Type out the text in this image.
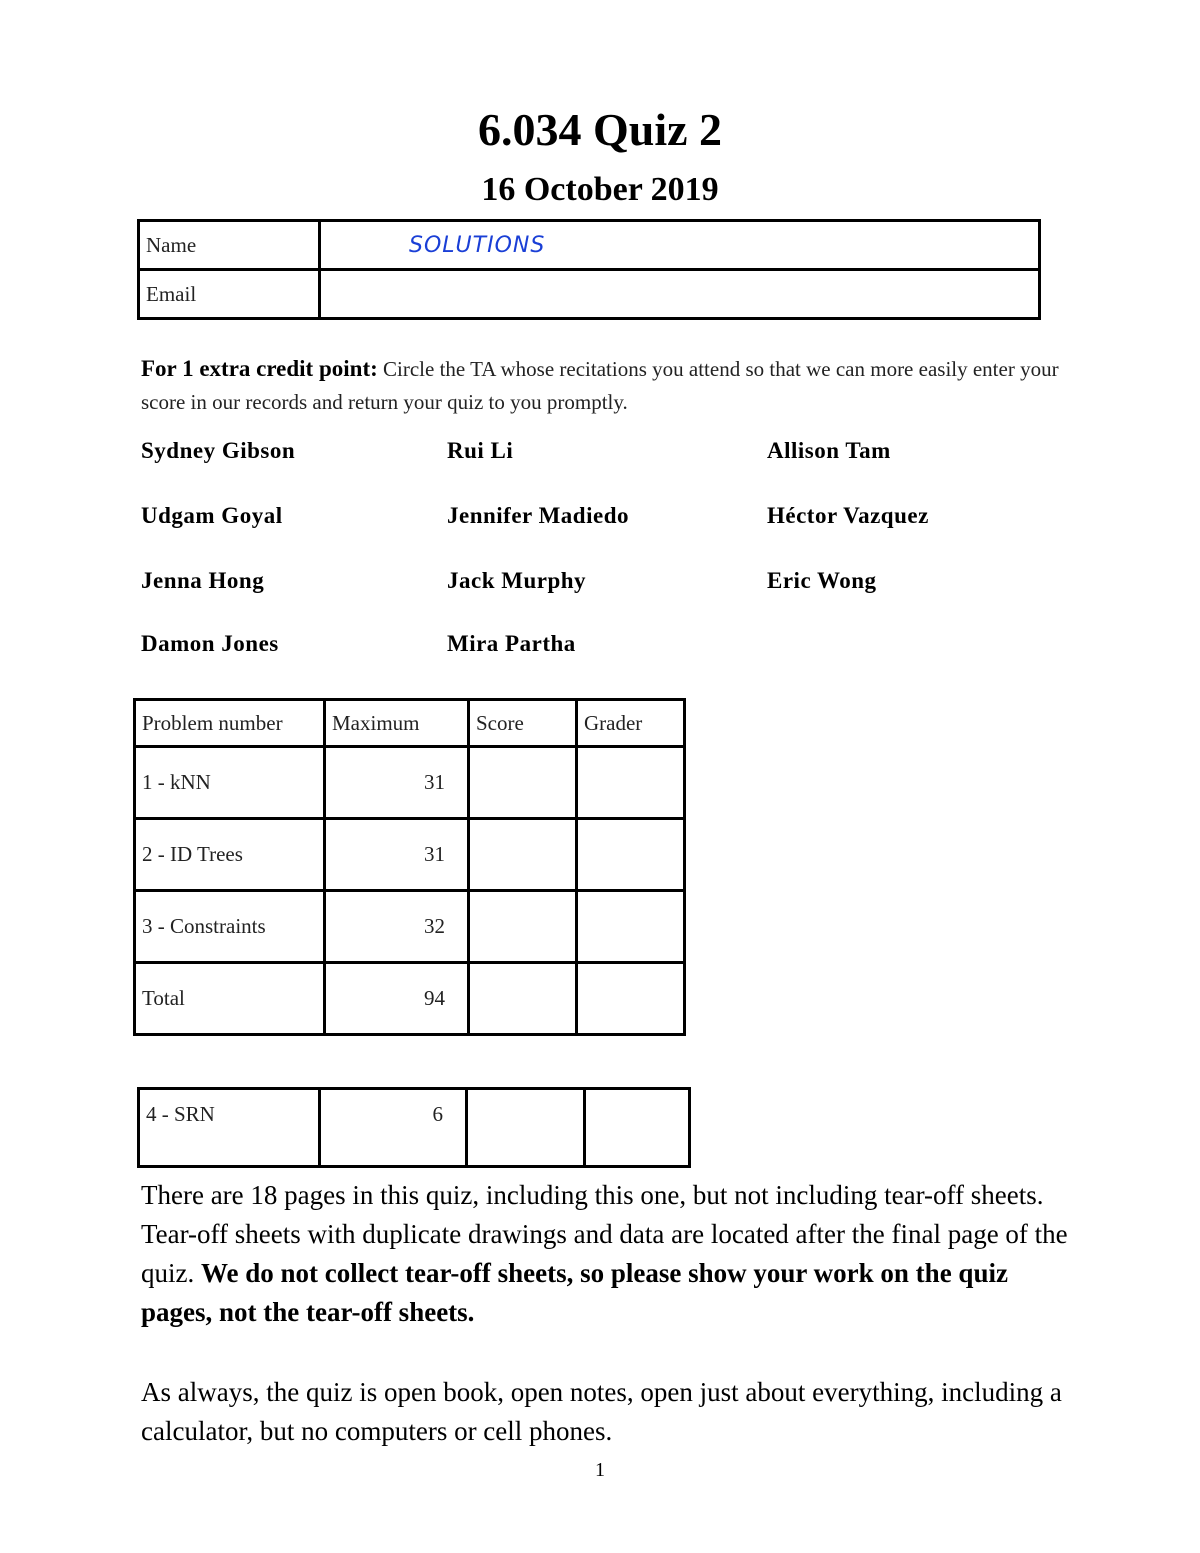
6.034 Quiz 2
16 October 2019
Name	SOLUTIONS
Email	
For 1 extra credit point: Circle the TA whose recitations you attend so that we can more easily enter your score in our records and return your quiz to you promptly.
Sydney Gibson	Rui Li	Allison Tam
Udgam Goyal	Jennifer Madiedo	Héctor Vazquez
Jenna Hong	Jack Murphy	Eric Wong
Damon Jones	Mira Partha
Problem number	Maximum	Score	Grader
1 - kNN	31		
2 - ID Trees	31		
3 - Constraints	32		
Total	94		
4 - SRN	6		
There are 18 pages in this quiz, including this one, but not including tear-off sheets. Tear-off sheets with duplicate drawings and data are located after the final page of the quiz. We do not collect tear-off sheets, so please show your work on the quiz pages, not the tear-off sheets.
As always, the quiz is open book, open notes, open just about everything, including a calculator, but no computers or cell phones.
1
